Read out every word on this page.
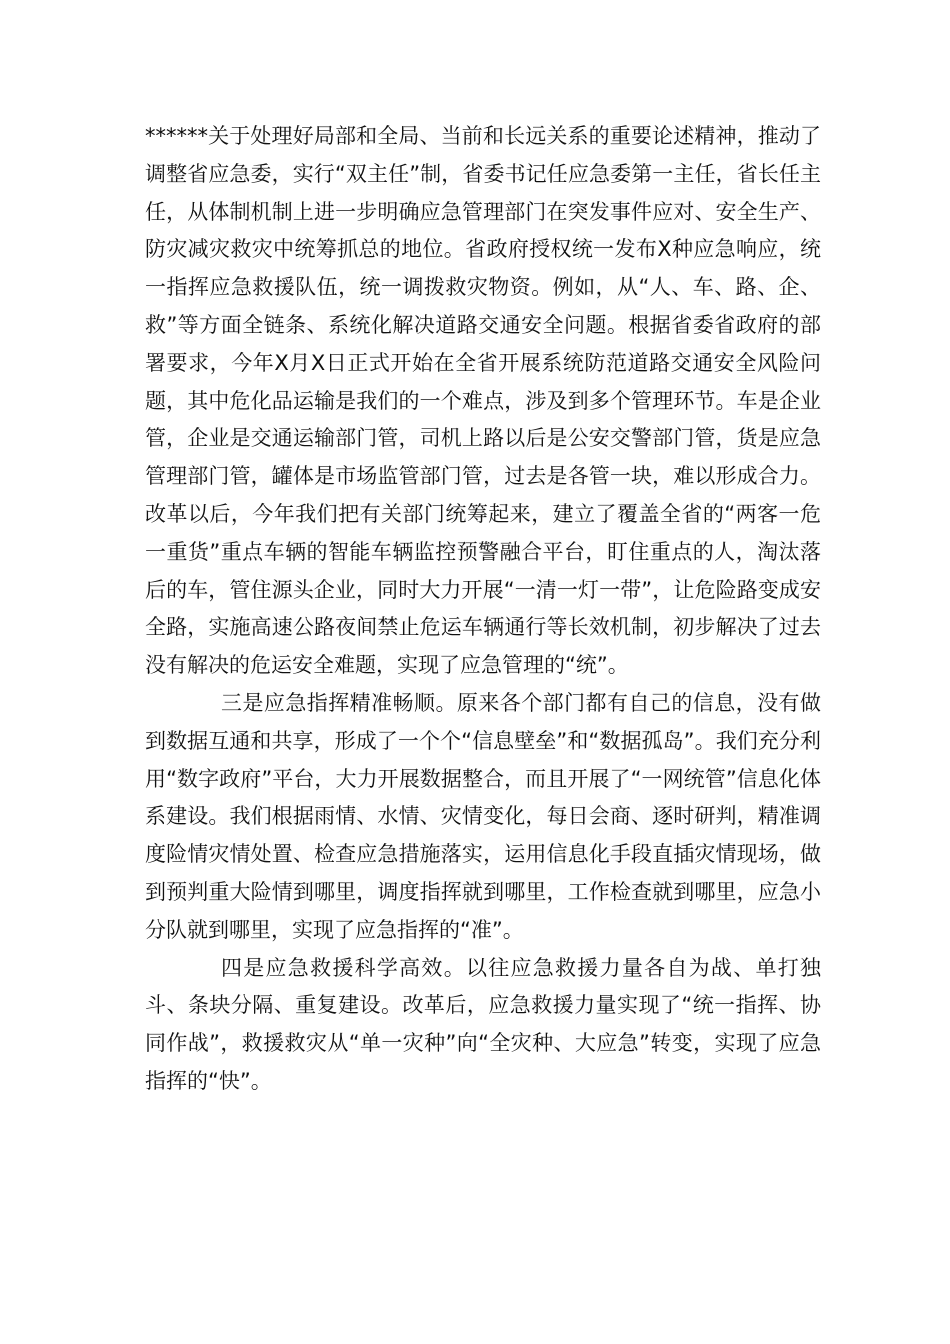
******关于处理好局部和全局、当前和长远关系的重要论述精神，推动了调整省应急委，实行“双主任”制，省委书记任应急委第一主任，省长任主任，从体制机制上进一步明确应急管理部门在突发事件应对、安全生产、防灾减灾救灾中统筹抓总的地位。省政府授权统一发布X种应急响应，统一指挥应急救援队伍，统一调拨救灾物资。例如，从“人、车、路、企、救”等方面全链条、系统化解决道路交通安全问题。根据省委省政府的部署要求，今年X月X日正式开始在全省开展系统防范道路交通安全风险问题，其中危化品运输是我们的一个难点，涉及到多个管理环节。车是企业管，企业是交通运输部门管，司机上路以后是公安交警部门管，货是应急管理部门管，罐体是市场监管部门管，过去是各管一块，难以形成合力。改革以后，今年我们把有关部门统筹起来，建立了覆盖全省的“两客一危一重货”重点车辆的智能车辆监控预警融合平台，盯住重点的人，淘汰落后的车，管住源头企业，同时大力开展“一清一灯一带”，让危险路变成安全路，实施高速公路夜间禁止危运车辆通行等长效机制，初步解决了过去没有解决的危运安全难题，实现了应急管理的“统”。

三是应急指挥精准畅顺。原来各个部门都有自己的信息，没有做到数据互通和共享，形成了一个个“信息壁垒”和“数据孤岛”。我们充分利用“数字政府”平台，大力开展数据整合，而且开展了“一网统管”信息化体系建设。我们根据雨情、水情、灾情变化，每日会商、逐时研判，精准调度险情灾情处置、检查应急措施落实，运用信息化手段直插灾情现场，做到预判重大险情到哪里，调度指挥就到哪里，工作检查就到哪里，应急小分队就到哪里，实现了应急指挥的“准”。

四是应急救援科学高效。以往应急救援力量各自为战、单打独斗、条块分隔、重复建设。改革后，应急救援力量实现了“统一指挥、协同作战”，救援救灾从“单一灾种”向“全灾种、大应急”转变，实现了应急指挥的“快”。
